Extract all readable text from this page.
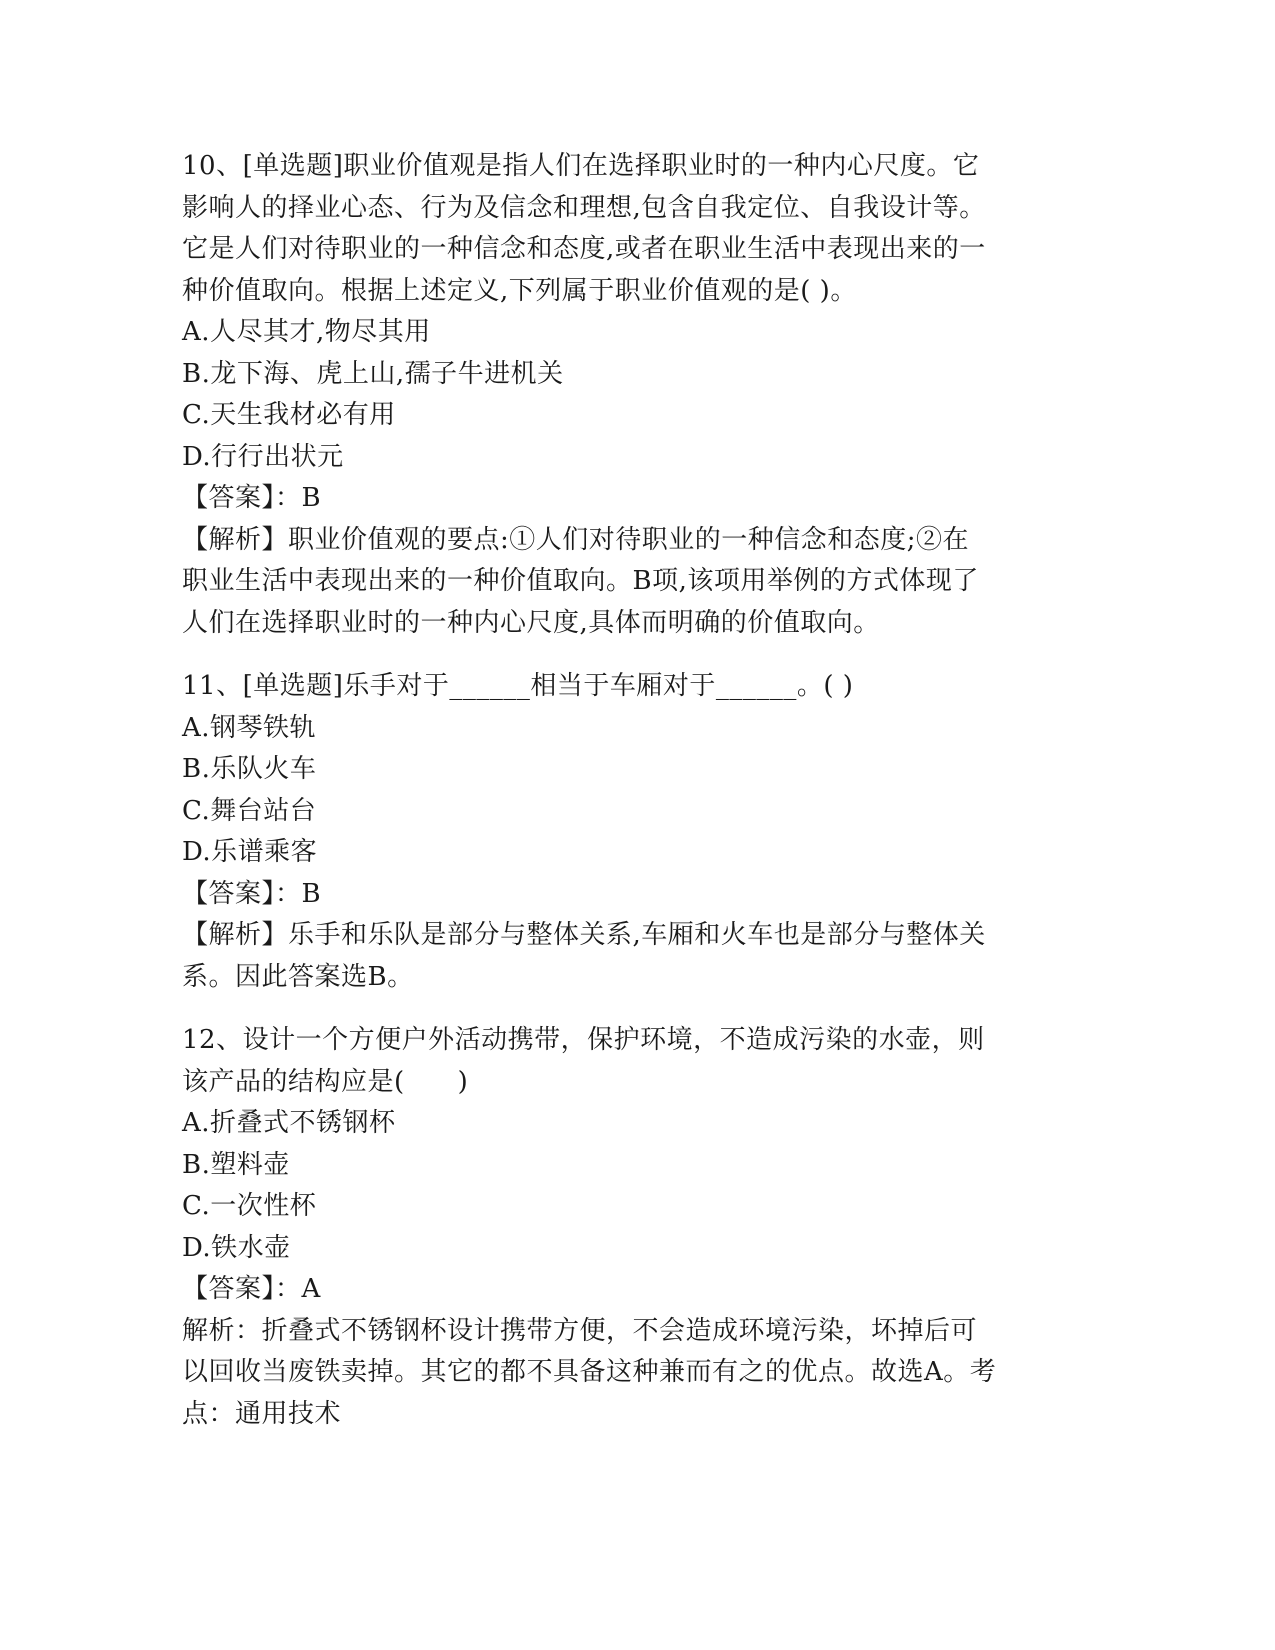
10、[单选题]职业价值观是指人们在选择职业时的一种内心尺度。它
影响人的择业心态、行为及信念和理想,包含自我定位、自我设计等。
它是人们对待职业的一种信念和态度,或者在职业生活中表现出来的一
种价值取向。根据上述定义,下列属于职业价值观的是( )。
A.人尽其才,物尽其用
B.龙下海、虎上山,孺子牛进机关
C.天生我材必有用
D.行行出状元
【答案】：B
【解析】职业价值观的要点:①人们对待职业的一种信念和态度;②在
职业生活中表现出来的一种价值取向。B项,该项用举例的方式体现了
人们在选择职业时的一种内心尺度,具体而明确的价值取向。
11、[单选题]乐手对于______相当于车厢对于______。( )
A.钢琴铁轨
B.乐队火车
C.舞台站台
D.乐谱乘客
【答案】：B
【解析】乐手和乐队是部分与整体关系,车厢和火车也是部分与整体关
系。因此答案选B。
12、设计一个方便户外活动携带，保护环境，不造成污染的水壶，则
该产品的结构应是(　　)
A.折叠式不锈钢杯
B.塑料壶
C.一次性杯
D.铁水壶
【答案】：A
解析：折叠式不锈钢杯设计携带方便，不会造成环境污染，坏掉后可
以回收当废铁卖掉。其它的都不具备这种兼而有之的优点。故选A。考
点：通用技术
